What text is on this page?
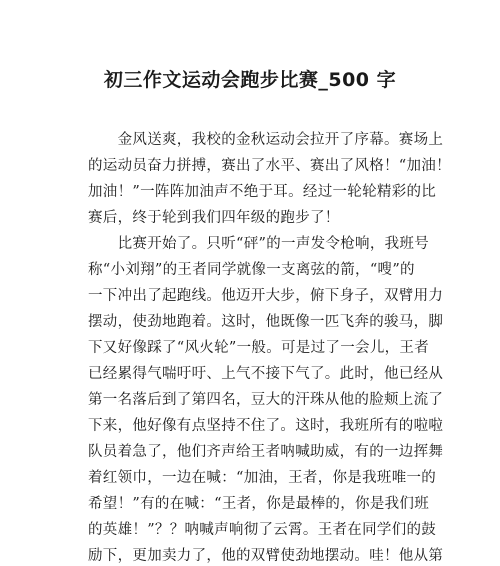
初三作文运动会跑步比赛_500 字
　　金风送爽，我校的金秋运动会拉开了序幕。赛场上
的运动员奋力拼搏，赛出了水平、赛出了风格！“加油！
加油！”一阵阵加油声不绝于耳。经过一轮轮精彩的比
赛后，终于轮到我们四年级的跑步了！
　　比赛开始了。只听“砰”的一声发令枪响，我班号
称“小刘翔”的王者同学就像一支离弦的箭，“嗖”的
一下冲出了起跑线。他迈开大步，俯下身子，双臂用力
摆动，使劲地跑着。这时，他既像一匹飞奔的骏马，脚
下又好像踩了“风火轮”一般。可是过了一会儿，王者
已经累得气喘吁吁、上气不接下气了。此时，他已经从
第一名落后到了第四名，豆大的汗珠从他的脸颊上流了
下来，他好像有点坚持不住了。这时，我班所有的啦啦
队员着急了，他们齐声给王者呐喊助威，有的一边挥舞
着红领巾，一边在喊：“加油，王者，你是我班唯一的
希望！”有的在喊：“王者，你是最棒的，你是我们班
的英雄！”？？呐喊声响彻了云霄。王者在同学们的鼓
励下，更加卖力了，他的双臂使劲地摆动。哇！他从第
